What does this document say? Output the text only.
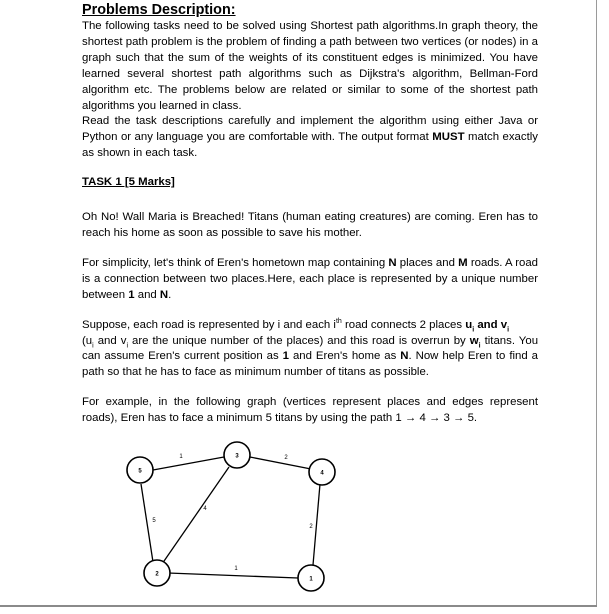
Problems Description:

The following tasks need to be solved using Shortest path algorithms.In graph theory, the shortest path problem is the problem of finding a path between two vertices (or nodes) in a graph such that the sum of the weights of its constituent edges is minimized. You have learned several shortest path algorithms such as Dijkstra's algorithm, Bellman-Ford algorithm etc. The problems below are related or similar to some of the shortest path algorithms you learned in class.

Read the task descriptions carefully and implement the algorithm using either Java or Python or any language you are comfortable with. The output format MUST match exactly as shown in each task.

TASK 1 [5 Marks]

Oh No! Wall Maria is Breached! Titans (human eating creatures) are coming. Eren has to reach his home as soon as possible to save his mother.

For simplicity, let's think of Eren's hometown map containing N places and M roads. A road is a connection between two places.Here, each place is represented by a unique number between 1 and N.

Suppose, each road is represented by i and each $i^{th}$ road connects 2 places $u_i$ and $v_i$
($u_i$ and $v_i$ are the unique number of the places) and this road is overrun by $w_i$ titans. You can assume Eren's current position as 1 and Eren's home as N. Now help Eren to find a path so that he has to face as minimum number of titans as possible.

For example, in the following graph (vertices represent places and edges represent roads), Eren has to face a minimum 5 titans by using the path 1 → 4 → 3 → 5.

5
3
4
2
1
1	2
4
5
2
1
